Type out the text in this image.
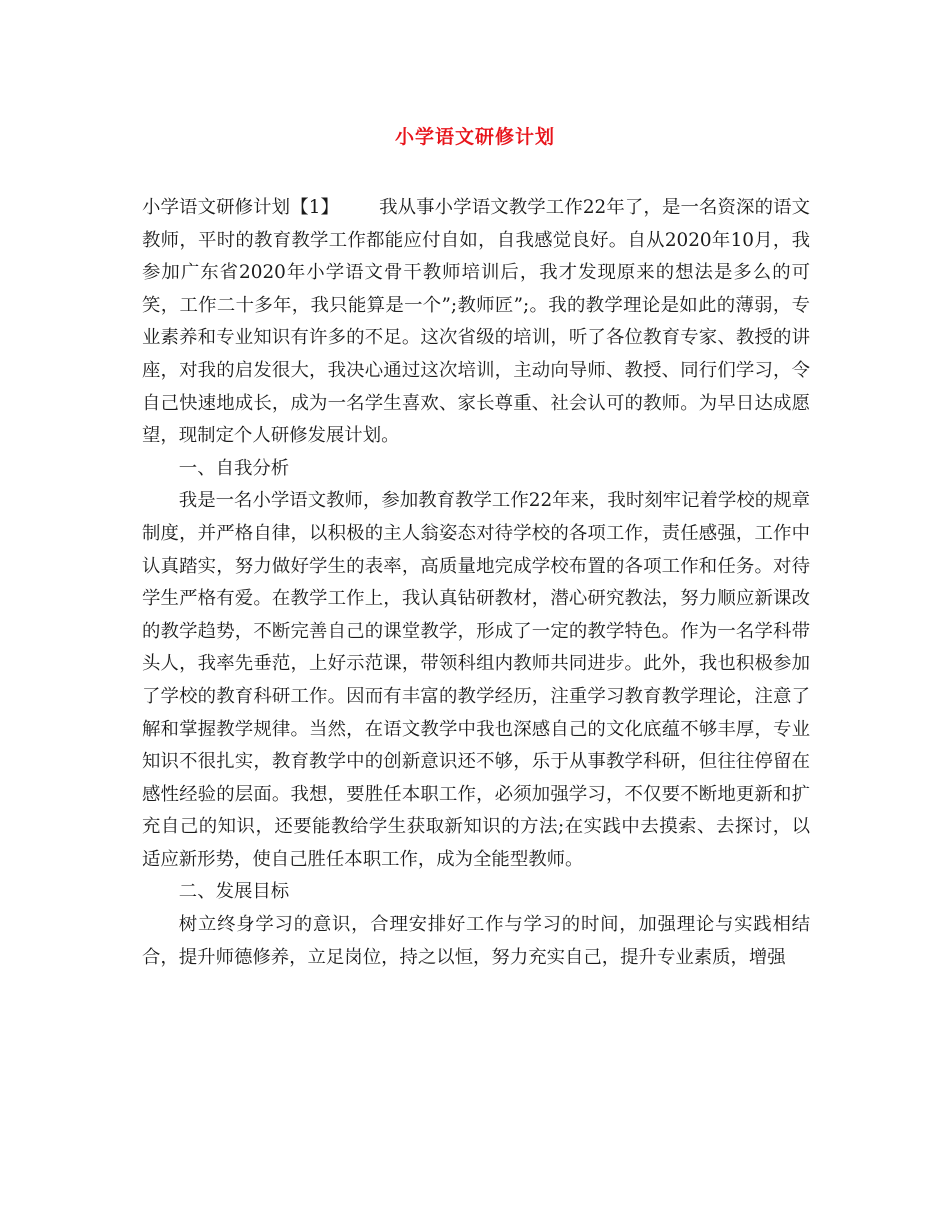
小学语文研修计划

小学语文研修计划【1】 我从事小学语文教学工作22年了，是一名资深的语文教师，平时的教育教学工作都能应付自如，自我感觉良好。自从2020年10月，我参加广东省2020年小学语文骨干教师培训后，我才发现原来的想法是多么的可笑，工作二十多年，我只能算是一个”;教师匠”;。我的教学理论是如此的薄弱，专业素养和专业知识有许多的不足。这次省级的培训，听了各位教育专家、教授的讲座，对我的启发很大，我决心通过这次培训，主动向导师、教授、同行们学习，令自己快速地成长，成为一名学生喜欢、家长尊重、社会认可的教师。为早日达成愿望，现制定个人研修发展计划。

一、自我分析

我是一名小学语文教师，参加教育教学工作22年来，我时刻牢记着学校的规章制度，并严格自律，以积极的主人翁姿态对待学校的各项工作，责任感强，工作中认真踏实，努力做好学生的表率，高质量地完成学校布置的各项工作和任务。对待学生严格有爱。在教学工作上，我认真钻研教材，潜心研究教法，努力顺应新课改的教学趋势，不断完善自己的课堂教学，形成了一定的教学特色。作为一名学科带头人，我率先垂范，上好示范课，带领科组内教师共同进步。此外，我也积极参加了学校的教育科研工作。因而有丰富的教学经历，注重学习教育教学理论，注意了解和掌握教学规律。当然，在语文教学中我也深感自己的文化底蕴不够丰厚，专业知识不很扎实，教育教学中的创新意识还不够，乐于从事教学科研，但往往停留在感性经验的层面。我想，要胜任本职工作，必须加强学习，不仅要不断地更新和扩充自己的知识，还要能教给学生获取新知识的方法;在实践中去摸索、去探讨，以适应新形势，使自己胜任本职工作，成为全能型教师。

二、发展目标

树立终身学习的意识，合理安排好工作与学习的时间，加强理论与实践相结合，提升师德修养，立足岗位，持之以恒，努力充实自己，提升专业素质，增强
